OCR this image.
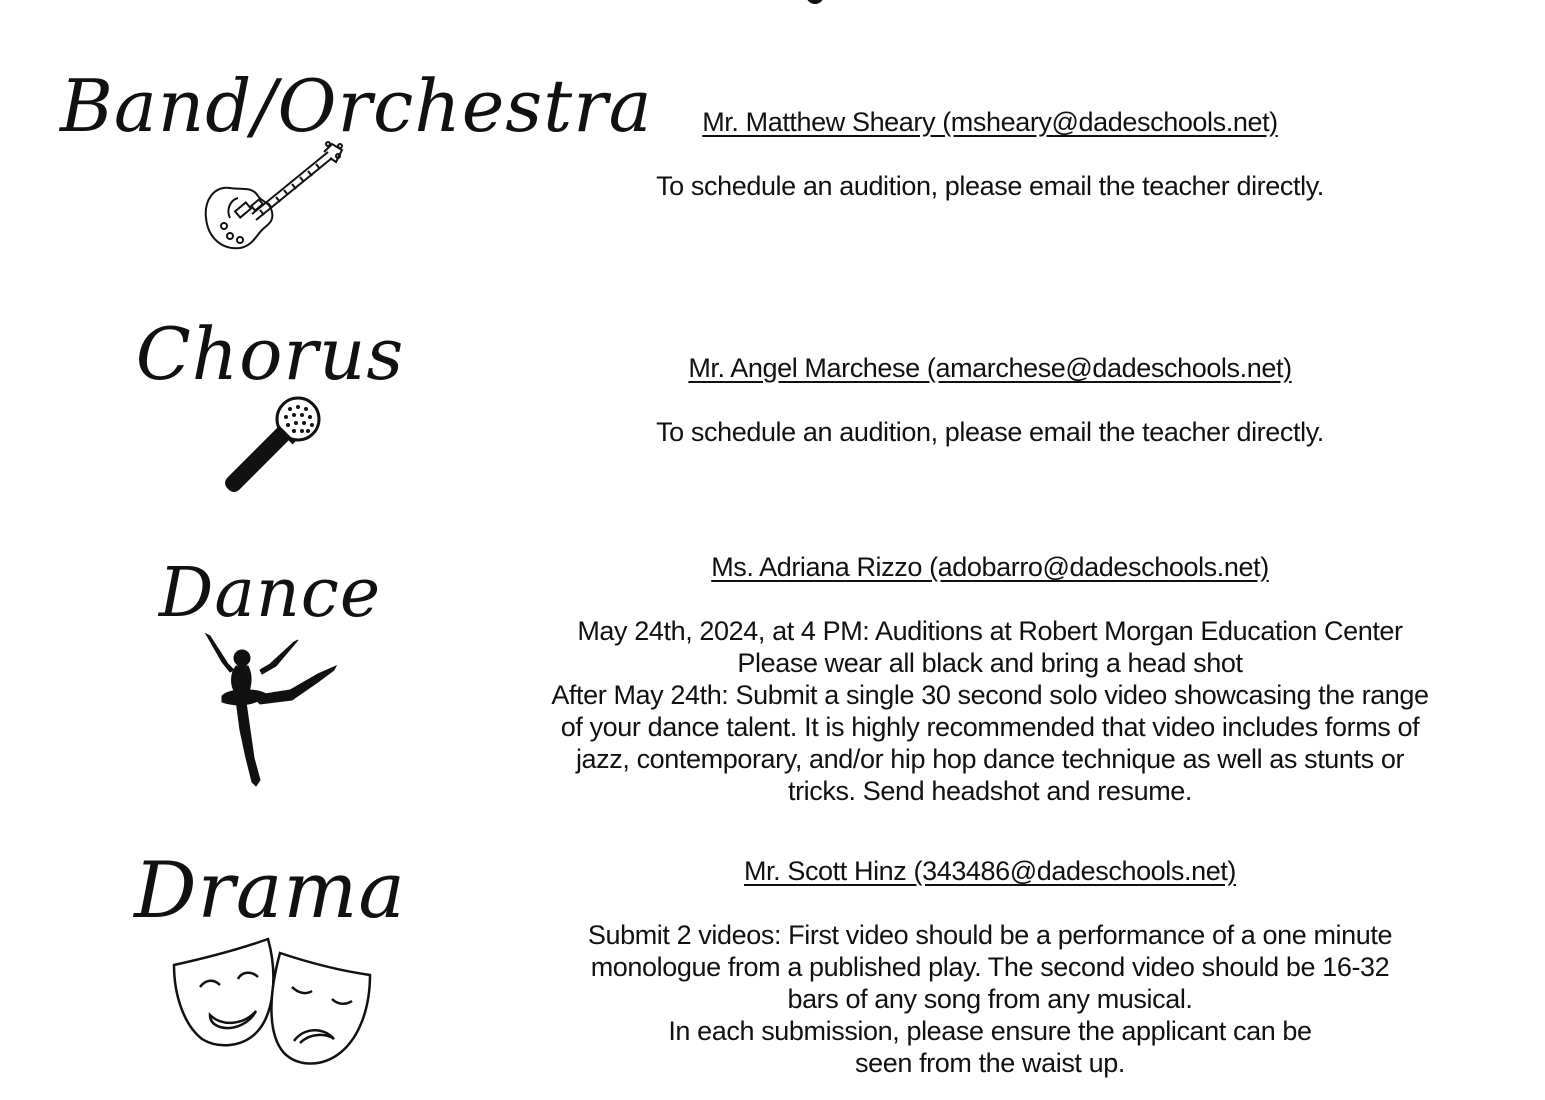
Band/Orchestra	Mr. Matthew Sheary (msheary@dadeschools.net)
To schedule an audition, please email the teacher directly.
Chorus	Mr. Angel Marchese (amarchese@dadeschools.net)
To schedule an audition, please email the teacher directly.
Dance	Ms. Adriana Rizzo (adobarro@dadeschools.net)
May 24th, 2024, at 4 PM: Auditions at Robert Morgan Education Center
Please wear all black and bring a head shot
After May 24th: Submit a single 30 second solo video showcasing the range
of your dance talent. It is highly recommended that video includes forms of
jazz, contemporary, and/or hip hop dance technique as well as stunts or
tricks. Send headshot and resume.
Drama	Mr. Scott Hinz (343486@dadeschools.net)
Submit 2 videos: First video should be a performance of a one minute
monologue from a published play. The second video should be 16-32
bars of any song from any musical.
In each submission, please ensure the applicant can be
seen from the waist up.
